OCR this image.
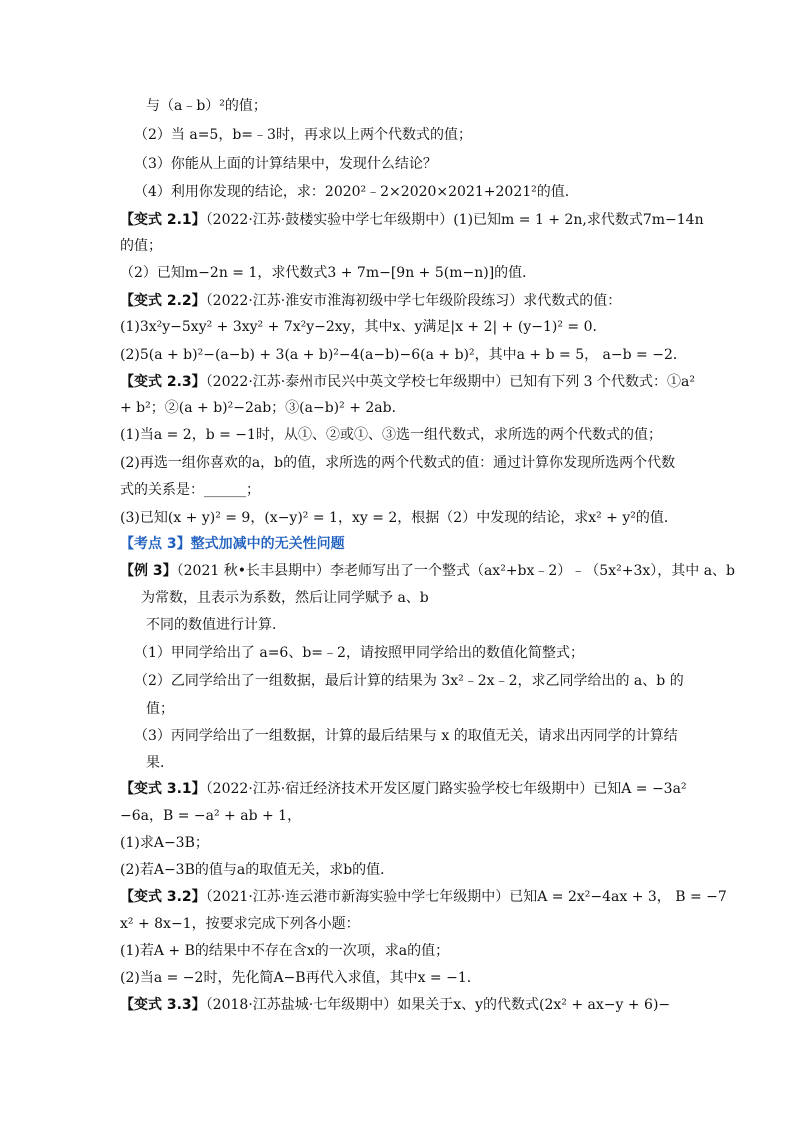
与（a﹣b）²的值；
（2）当 a=5，b=﹣3时，再求以上两个代数式的值；
（3）你能从上面的计算结果中，发现什么结论？
（4）利用你发现的结论，求：2020²﹣2×2020×2021+2021²的值．
【变式 2.1】（2022·江苏·鼓楼实验中学七年级期中）(1)已知m = 1 + 2n,求代数式7m−14n
的值；
（2）已知m−2n = 1，求代数式3 + 7m−[9n + 5(m−n)]的值．
【变式 2.2】（2022·江苏·淮安市淮海初级中学七年级阶段练习）求代数式的值：
(1)3x²y−5xy² + 3xy² + 7x²y−2xy，其中x、y满足|x + 2| + (y−1)² = 0．
(2)5(a + b)²−(a−b) + 3(a + b)²−4(a−b)−6(a + b)²，其中a + b = 5， a−b = −2．
【变式 2.3】（2022·江苏·泰州市民兴中英文学校七年级期中）已知有下列 3 个代数式：①a²
+ b²；②(a + b)²−2ab；③(a−b)² + 2ab．
(1)当a = 2，b = −1时，从①、②或①、③选一组代数式，求所选的两个代数式的值；
(2)再选一组你喜欢的a，b的值，求所选的两个代数式的值：通过计算你发现所选两个代数
式的关系是：______；
(3)已知(x + y)² = 9，(x−y)² = 1，xy = 2，根据（2）中发现的结论，求x² + y²的值．
【考点 3】整式加减中的无关性问题
【例 3】（2021 秋•长丰县期中）李老师写出了一个整式（ax²+bx﹣2）﹣（5x²+3x），其中 a、b
为常数，且表示为系数，然后让同学赋予 a、b
不同的数值进行计算．
（1）甲同学给出了 a=6、b=﹣2，请按照甲同学给出的数值化简整式；
（2）乙同学给出了一组数据，最后计算的结果为 3x²﹣2x﹣2，求乙同学给出的 a、b 的
值；
（3）丙同学给出了一组数据，计算的最后结果与 x 的取值无关，请求出丙同学的计算结
果．
【变式 3.1】（2022·江苏·宿迁经济技术开发区厦门路实验学校七年级期中）已知A = −3a²
−6a，B = −a² + ab + 1，
(1)求A−3B；
(2)若A−3B的值与a的取值无关，求b的值．
【变式 3.2】（2021·江苏·连云港市新海实验中学七年级期中）已知A = 2x²−4ax + 3， B = −7
x² + 8x−1，按要求完成下列各小题：
(1)若A + B的结果中不存在含x的一次项，求a的值；
(2)当a = −2时，先化简A−B再代入求值，其中x = −1．
【变式 3.3】（2018·江苏盐城·七年级期中）如果关于x、y的代数式(2x² + ax−y + 6)−
